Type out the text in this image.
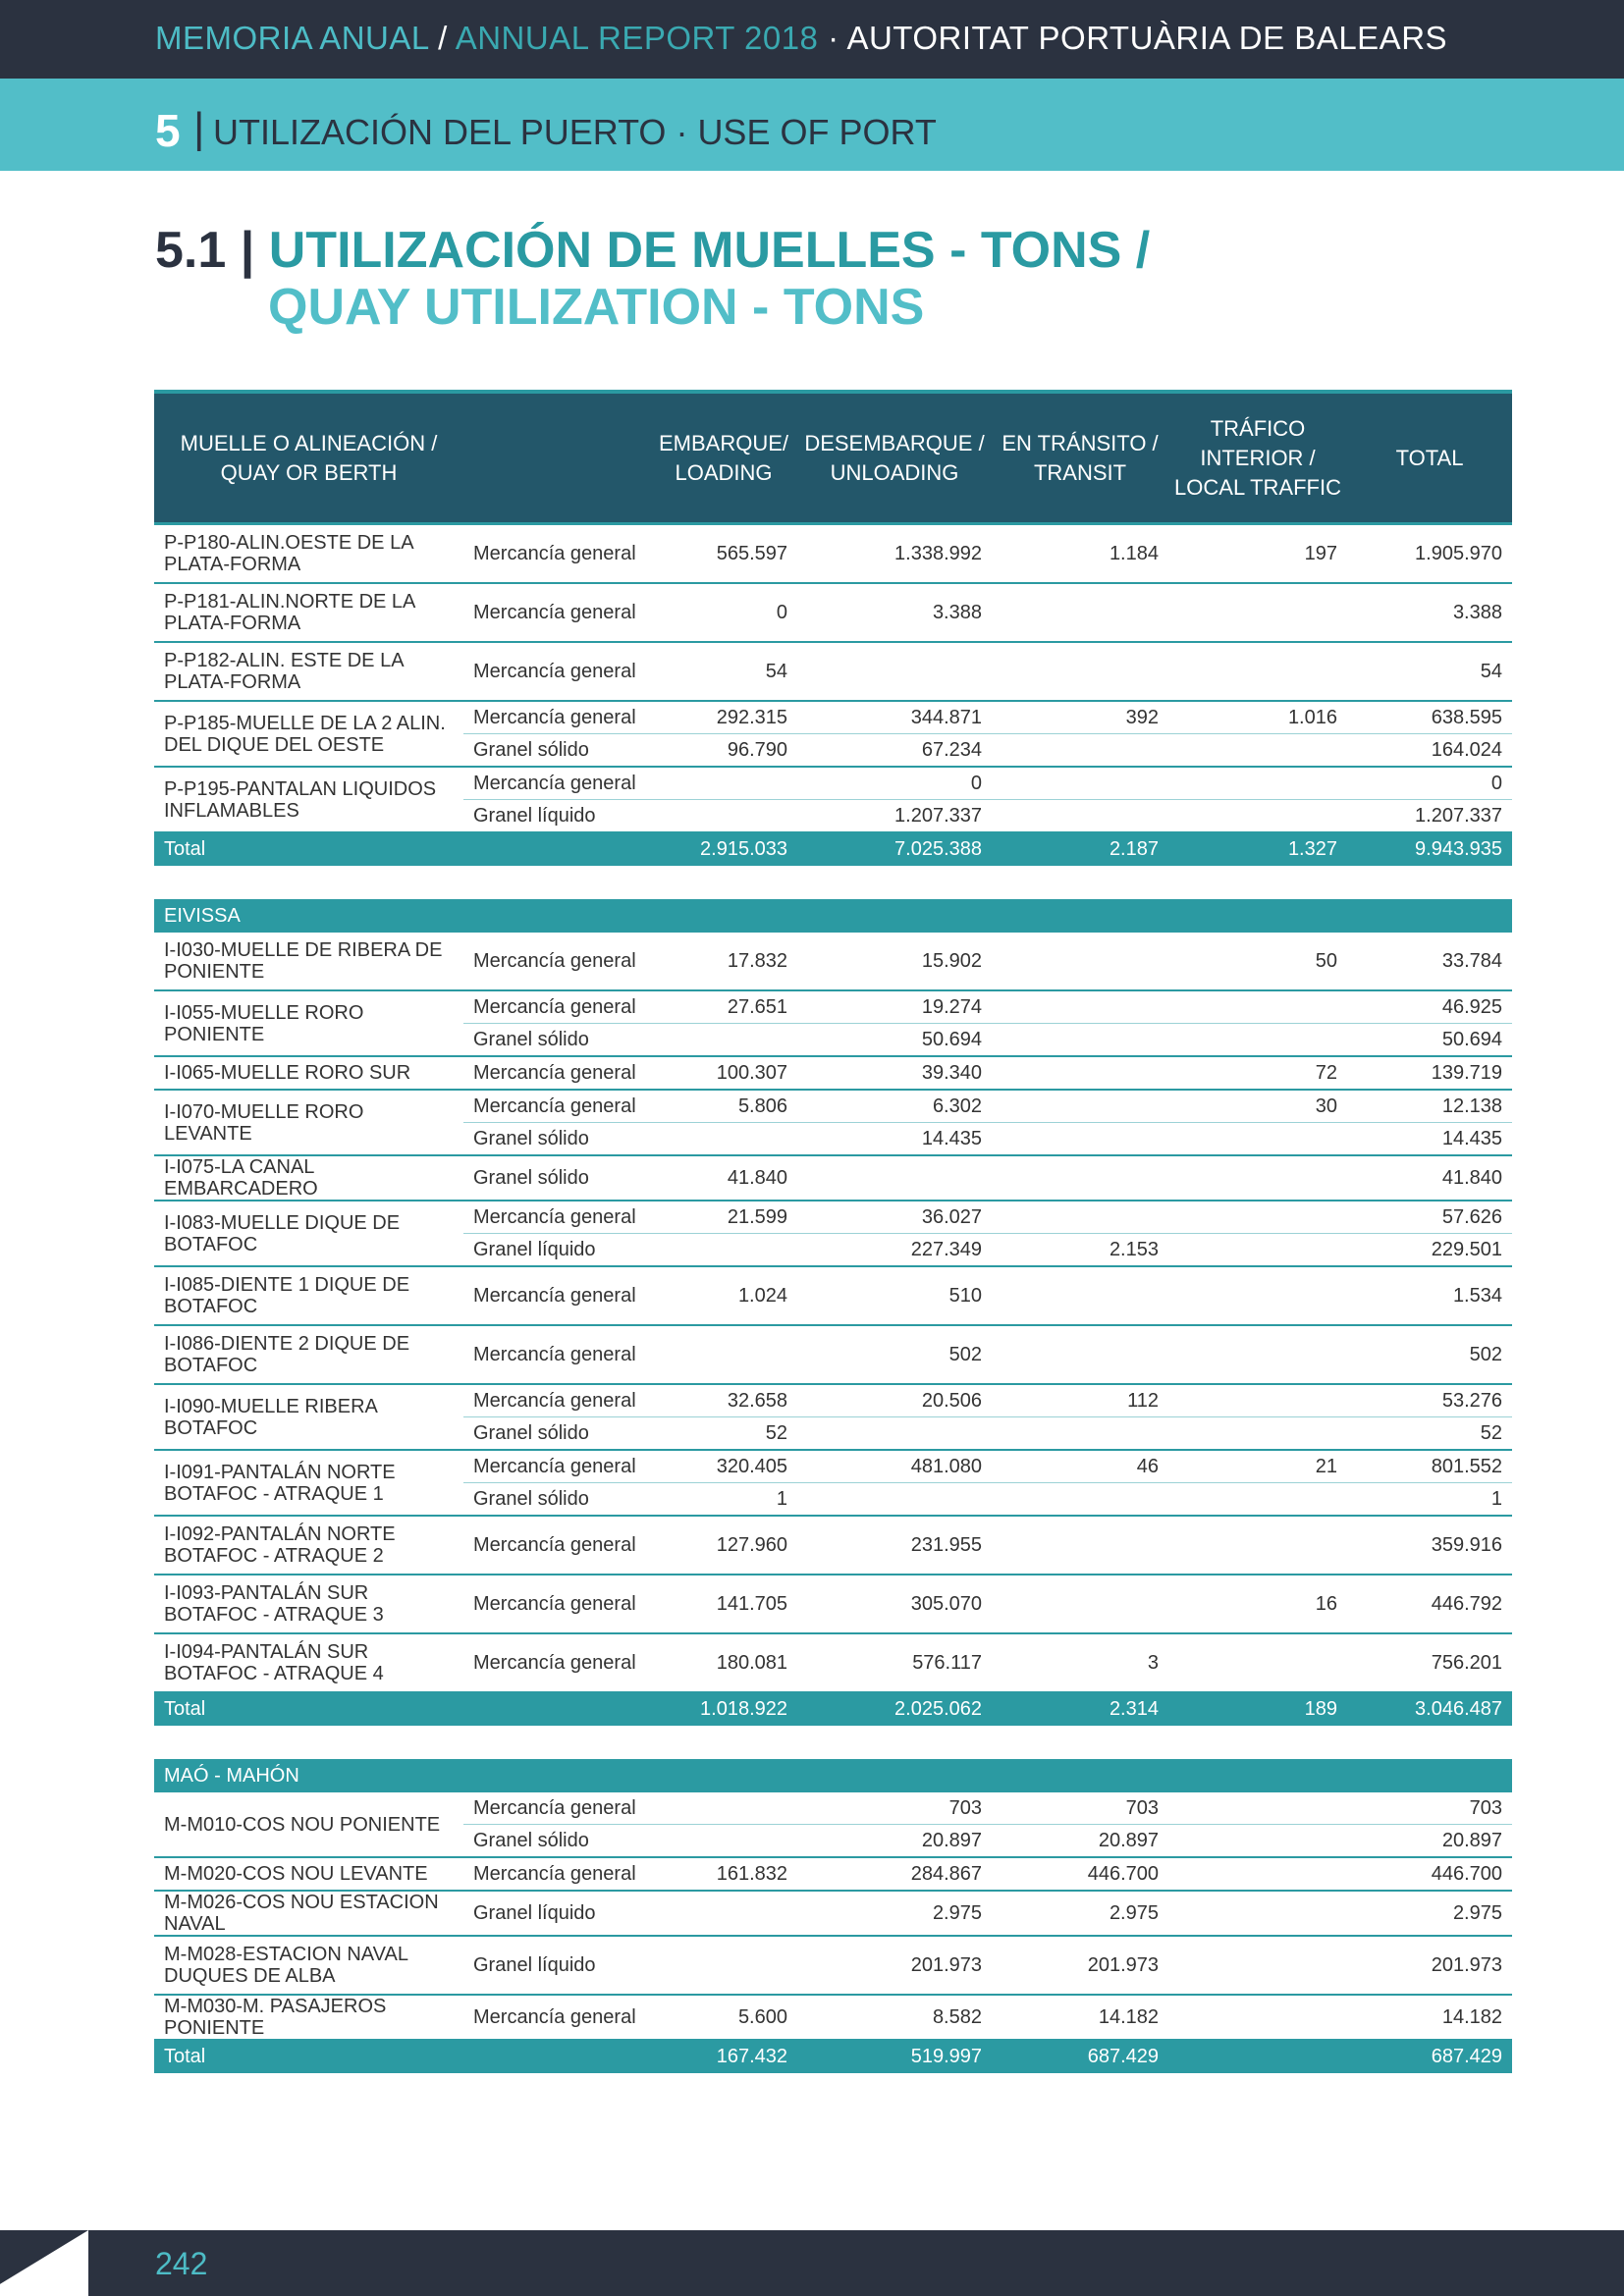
MEMORIA ANUAL / ANNUAL REPORT 2018 · AUTORITAT PORTUÀRIA DE BALEARS
5 | UTILIZACIÓN DEL PUERTO · USE OF PORT
5.1 | UTILIZACIÓN DE MUELLES - TONS /
QUAY UTILIZATION - TONS
MUELLE O ALINEACIÓN / QUAY OR BERTH		EMBARQUE/ LOADING	DESEMBARQUE / UNLOADING	EN TRÁNSITO / TRANSIT	TRÁFICO INTERIOR / LOCAL TRAFFIC	TOTAL
P-P180-ALIN.OESTE DE LA PLATA-FORMA	Mercancía general	565.597	1.338.992	1.184	197	1.905.970
P-P181-ALIN.NORTE DE LA PLATA-FORMA	Mercancía general	0	3.388			3.388
P-P182-ALIN. ESTE DE LA PLATA-FORMA	Mercancía general	54				54
P-P185-MUELLE DE LA 2 ALIN. DEL DIQUE DEL OESTE	Mercancía general	292.315	344.871	392	1.016	638.595
	Granel sólido	96.790	67.234			164.024
P-P195-PANTALAN LIQUIDOS INFLAMABLES	Mercancía general		0			0
	Granel líquido		1.207.337			1.207.337
Total		2.915.033	7.025.388	2.187	1.327	9.943.935

EIVISSA						
I-I030-MUELLE DE RIBERA DE PONIENTE	Mercancía general	17.832	15.902		50	33.784
I-I055-MUELLE RORO PONIENTE	Mercancía general	27.651	19.274			46.925
	Granel sólido		50.694			50.694
I-I065-MUELLE RORO SUR	Mercancía general	100.307	39.340		72	139.719
I-I070-MUELLE RORO LEVANTE	Mercancía general	5.806	6.302		30	12.138
	Granel sólido		14.435			14.435
I-I075-LA CANAL EMBARCADERO	Granel sólido	41.840				41.840
I-I083-MUELLE DIQUE DE BOTAFOC	Mercancía general	21.599	36.027			57.626
	Granel líquido		227.349	2.153		229.501
I-I085-DIENTE 1 DIQUE DE BOTAFOC	Mercancía general	1.024	510			1.534
I-I086-DIENTE 2 DIQUE DE BOTAFOC	Mercancía general		502			502
I-I090-MUELLE RIBERA BOTAFOC	Mercancía general	32.658	20.506	112		53.276
	Granel sólido	52				52
I-I091-PANTALÁN NORTE BOTAFOC - ATRAQUE 1	Mercancía general	320.405	481.080	46	21	801.552
	Granel sólido	1				1
I-I092-PANTALÁN NORTE BOTAFOC - ATRAQUE 2	Mercancía general	127.960	231.955			359.916
I-I093-PANTALÁN SUR BOTAFOC - ATRAQUE 3	Mercancía general	141.705	305.070		16	446.792
I-I094-PANTALÁN SUR BOTAFOC - ATRAQUE 4	Mercancía general	180.081	576.117	3		756.201
Total		1.018.922	2.025.062	2.314	189	3.046.487

MAÓ - MAHÓN						
M-M010-COS NOU PONIENTE	Mercancía general		703	703		703
	Granel sólido		20.897	20.897		20.897
M-M020-COS NOU LEVANTE	Mercancía general	161.832	284.867	446.700		446.700
M-M026-COS NOU ESTACION NAVAL	Granel líquido		2.975	2.975		2.975
M-M028-ESTACION NAVAL DUQUES DE ALBA	Granel líquido		201.973	201.973		201.973
M-M030-M. PASAJEROS PONIENTE	Mercancía general	5.600	8.582	14.182		14.182
Total		167.432	519.997	687.429		687.429
242
